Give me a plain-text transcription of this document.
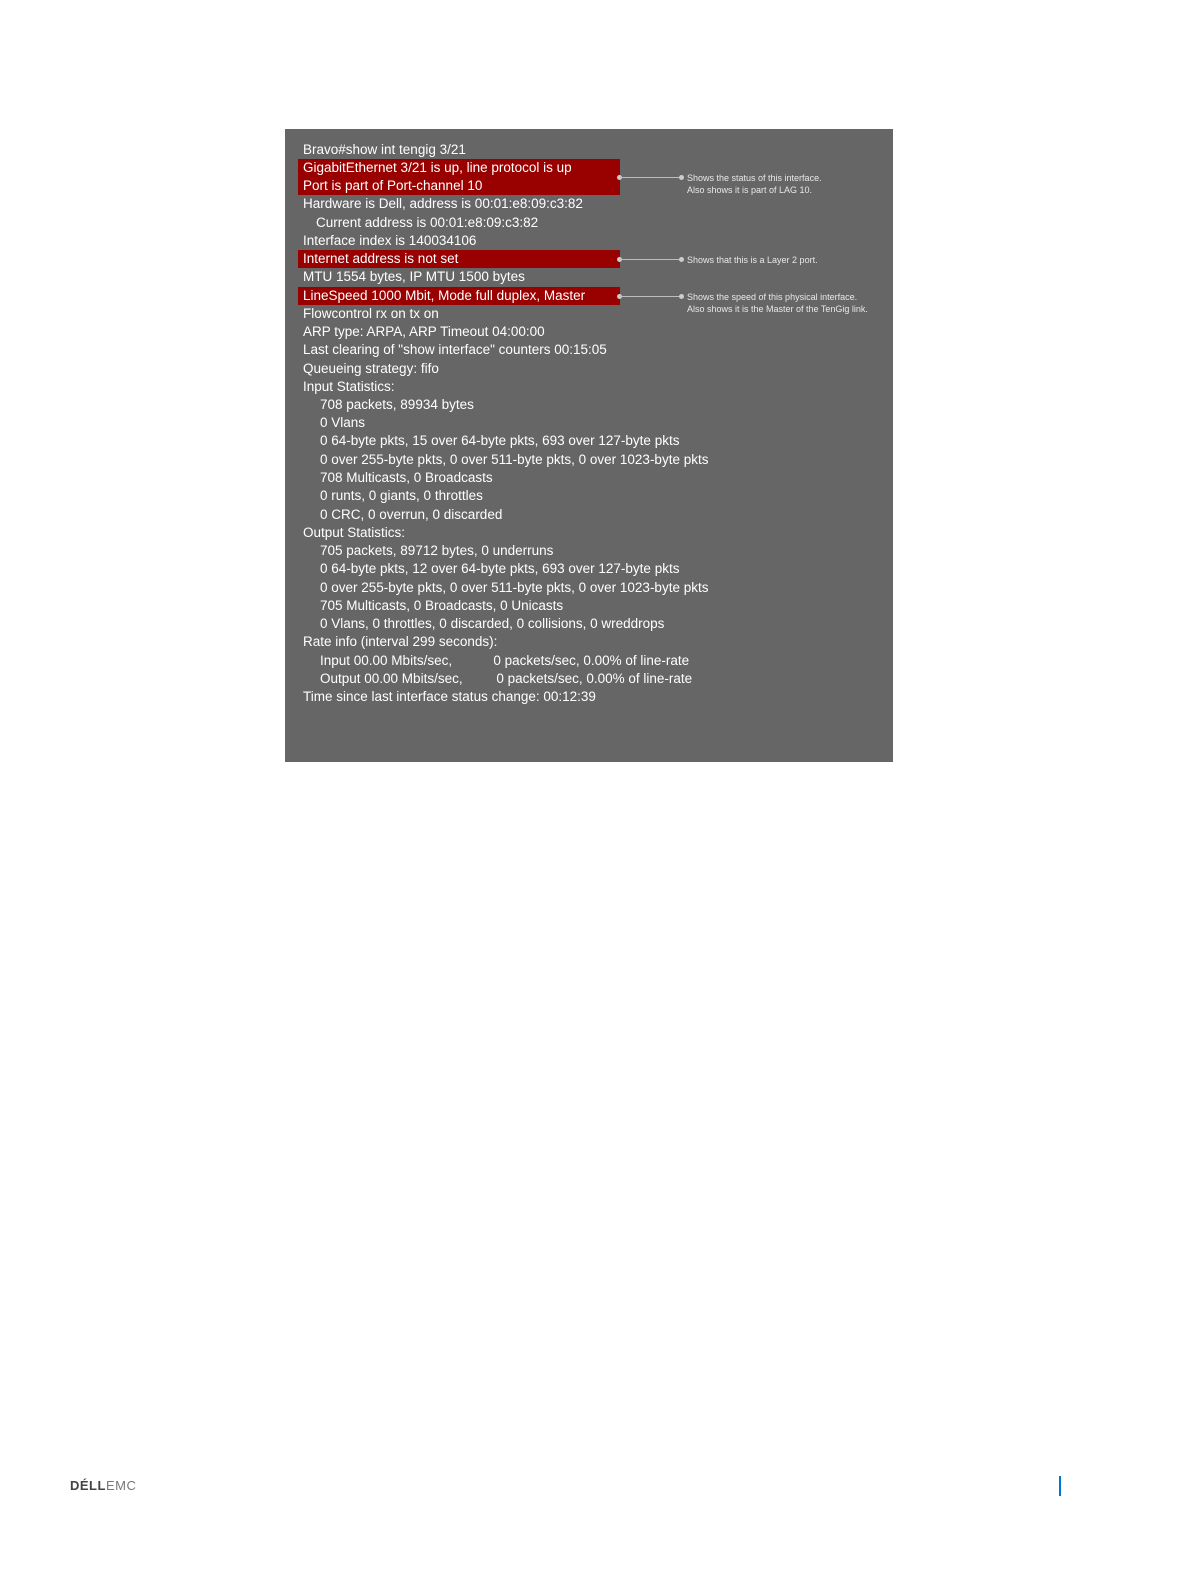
Shows the status of this interface.
Also shows it is part of LAG 10.
Shows that this is a Layer 2 port.
Shows the speed of this physical interface.
Also shows it is the Master of the TenGig link.
Bravo#show int tengig 3/21
GigabitEthernet 3/21 is up, line protocol is up
Port is part of Port-channel 10
Hardware is Dell, address is 00:01:e8:09:c3:82
Current address is 00:01:e8:09:c3:82
Interface index is 140034106
Internet address is not set
MTU 1554 bytes, IP MTU 1500 bytes
LineSpeed 1000 Mbit, Mode full duplex, Master
Flowcontrol rx on tx on
ARP type: ARPA, ARP Timeout 04:00:00
Last clearing of "show interface" counters 00:15:05
Queueing strategy: fifo
Input Statistics:
708 packets, 89934 bytes
0 Vlans
0 64-byte pkts, 15 over 64-byte pkts, 693 over 127-byte pkts
0 over 255-byte pkts, 0 over 511-byte pkts, 0 over 1023-byte pkts
708 Multicasts, 0 Broadcasts
0 runts, 0 giants, 0 throttles
0 CRC, 0 overrun, 0 discarded
Output Statistics:
705 packets, 89712 bytes, 0 underruns
0 64-byte pkts, 12 over 64-byte pkts, 693 over 127-byte pkts
0 over 255-byte pkts, 0 over 511-byte pkts, 0 over 1023-byte pkts
705 Multicasts, 0 Broadcasts, 0 Unicasts
0 Vlans, 0 throttles, 0 discarded, 0 collisions, 0 wreddrops
Rate info (interval 299 seconds):
Input 00.00 Mbits/sec,           0 packets/sec, 0.00% of line-rate
Output 00.00 Mbits/sec,         0 packets/sec, 0.00% of line-rate
Time since last interface status change: 00:12:39
DÉLLEMC
